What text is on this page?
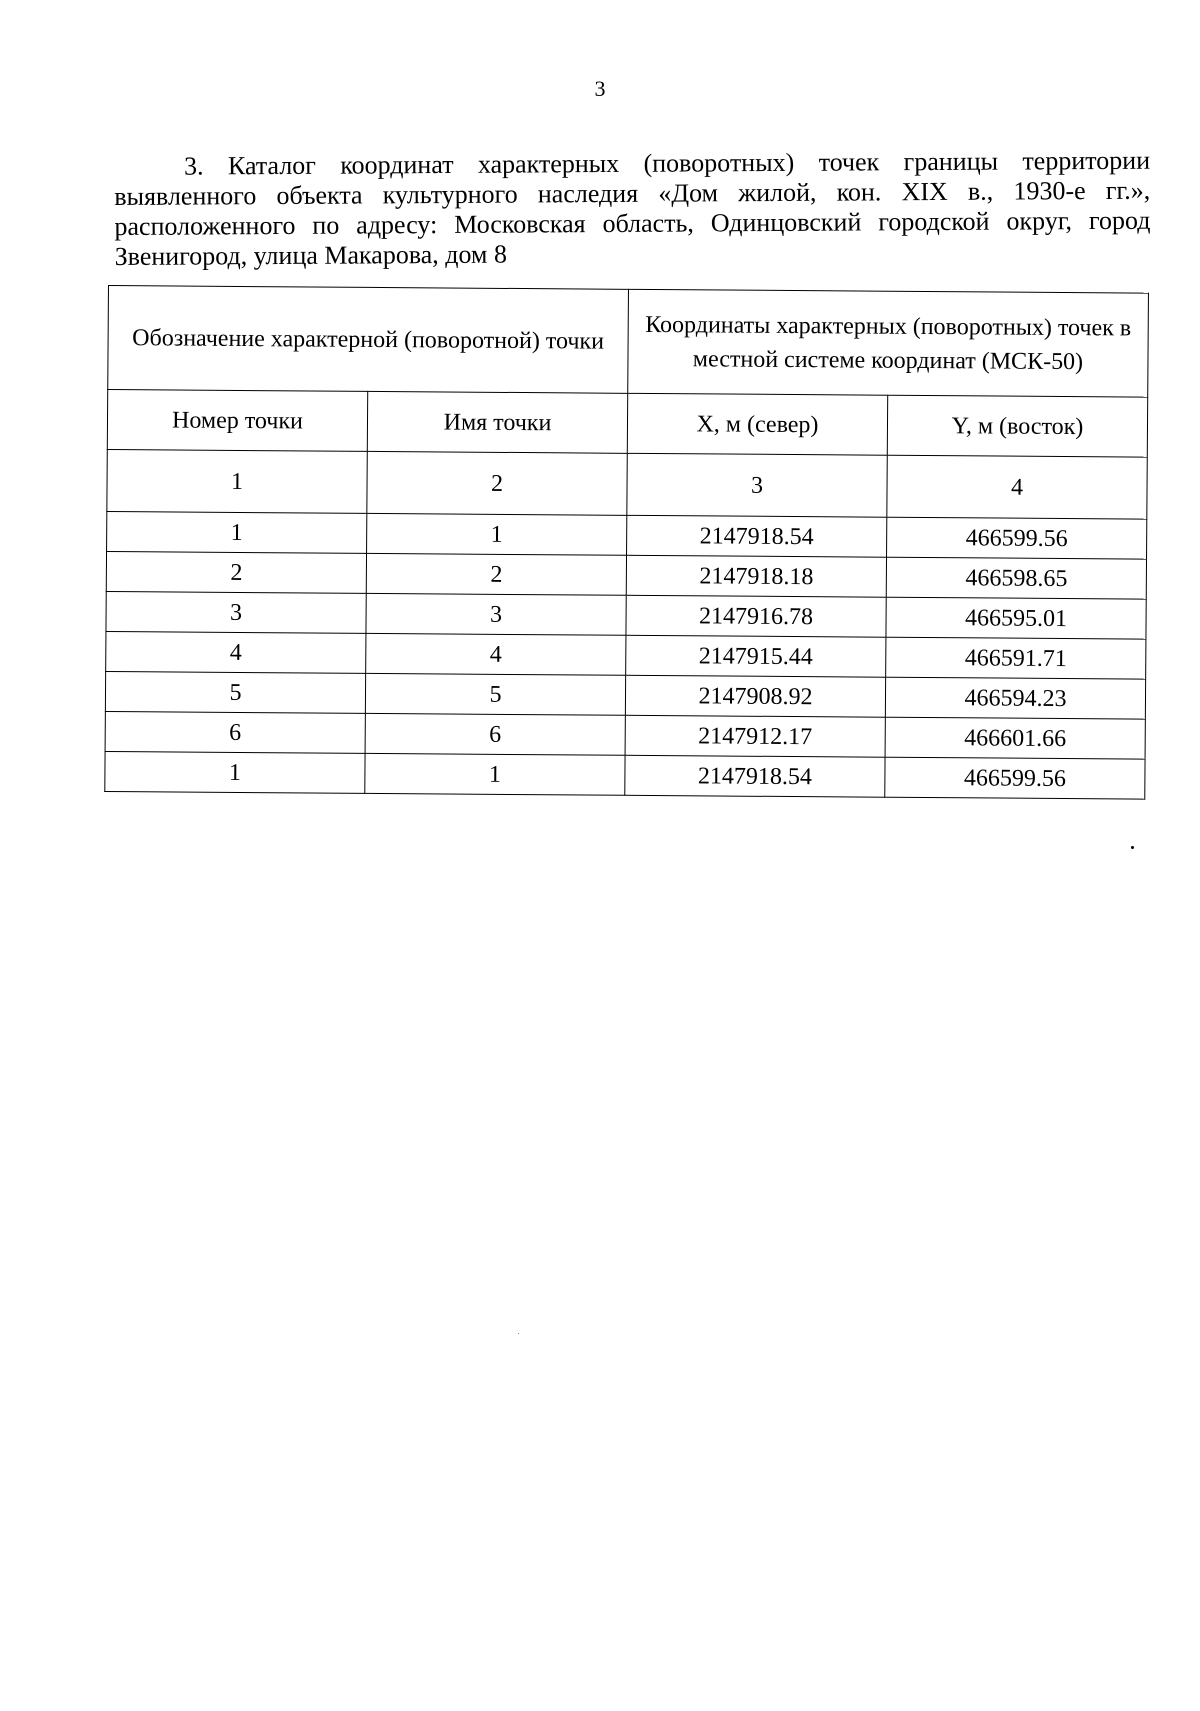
3

3. Каталог координат характерных (поворотных) точек границы территории выявленного объекта культурного наследия «Дом жилой, кон. XIX в., 1930-е гг.», расположенного по адресу: Московская область, Одинцовский городской округ, город Звенигород, улица Макарова, дом 8

Обозначение характерной (поворотной) точки		Координаты характерных (поворотных) точек в местной системе координат (МСК-50)	
Номер точки	Имя точки	X, м (север)	Y, м (восток)
1	2	3	4
1	1	2147918.54	466599.56
2	2	2147918.18	466598.65
3	3	2147916.78	466595.01
4	4	2147915.44	466591.71
5	5	2147908.92	466594.23
6	6	2147912.17	466601.66
1	1	2147918.54	466599.56
